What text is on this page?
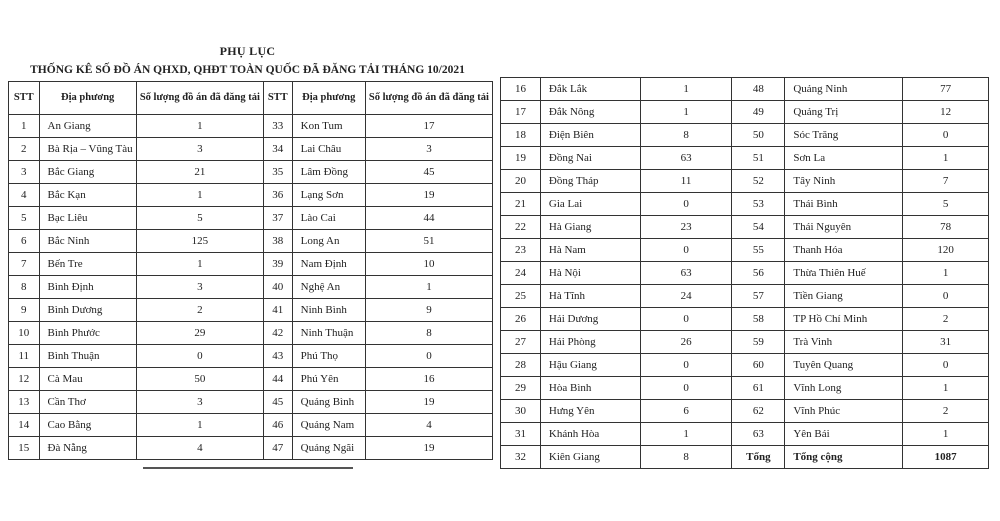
PHỤ LỤC
THỐNG KÊ SỐ ĐỒ ÁN QHXD, QHĐT TOÀN QUỐC ĐÃ ĐĂNG TẢI THÁNG 10/2021
STT	Địa phương	Số lượng đồ án đã đăng tải	STT	Địa phương	Số lượng đồ án đã đăng tải
1	An Giang	1	33	Kon Tum	17
2	Bà Rịa – Vũng Tàu	3	34	Lai Châu	3
3	Bắc Giang	21	35	Lâm Đồng	45
4	Bắc Kạn	1	36	Lạng Sơn	19
5	Bạc Liêu	5	37	Lào Cai	44
6	Bắc Ninh	125	38	Long An	51
7	Bến Tre	1	39	Nam Định	10
8	Bình Định	3	40	Nghệ An	1
9	Bình Dương	2	41	Ninh Bình	9
10	Bình Phước	29	42	Ninh Thuận	8
11	Bình Thuận	0	43	Phú Thọ	0
12	Cà Mau	50	44	Phú Yên	16
13	Cần Thơ	3	45	Quảng Bình	19
14	Cao Bằng	1	46	Quảng Nam	4
15	Đà Nẵng	4	47	Quảng Ngãi	19
16	Đắk Lắk	1	48	Quảng Ninh	77
17	Đắk Nông	1	49	Quảng Trị	12
18	Điện Biên	8	50	Sóc Trăng	0
19	Đồng Nai	63	51	Sơn La	1
20	Đồng Tháp	11	52	Tây Ninh	7
21	Gia Lai	0	53	Thái Bình	5
22	Hà Giang	23	54	Thái Nguyên	78
23	Hà Nam	0	55	Thanh Hóa	120
24	Hà Nội	63	56	Thừa Thiên Huế	1
25	Hà Tĩnh	24	57	Tiền Giang	0
26	Hải Dương	0	58	TP Hồ Chí Minh	2
27	Hải Phòng	26	59	Trà Vinh	31
28	Hậu Giang	0	60	Tuyên Quang	0
29	Hòa Bình	0	61	Vĩnh Long	1
30	Hưng Yên	6	62	Vĩnh Phúc	2
31	Khánh Hòa	1	63	Yên Bái	1
32	Kiên Giang	8	Tổng	Tổng cộng	1087
